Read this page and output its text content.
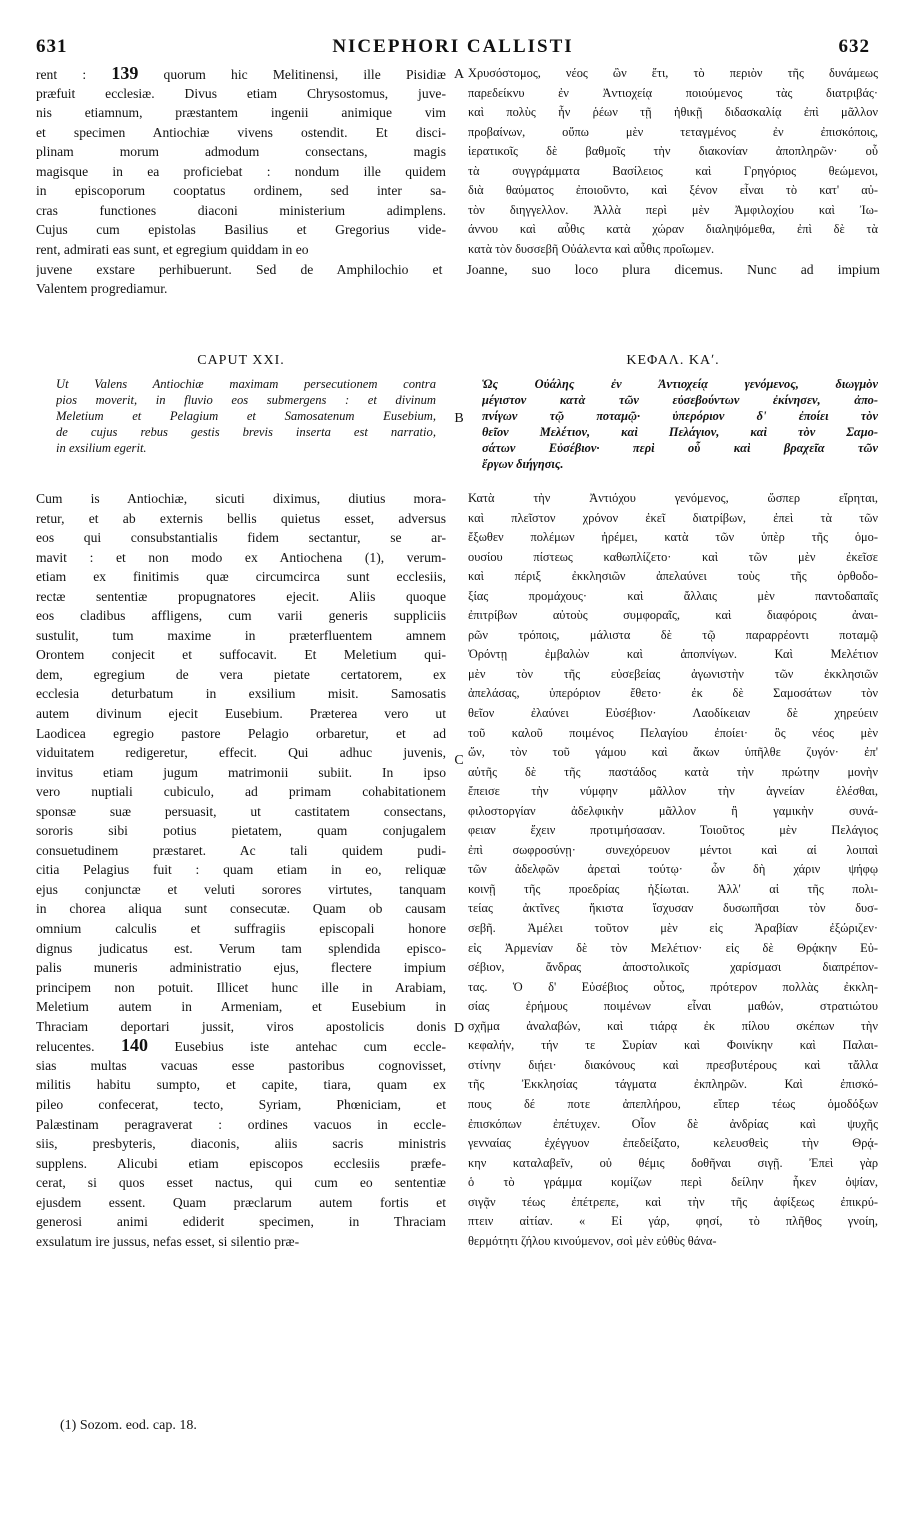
631	NICEPHORI CALLISTI	632
rent : 139 quorum hic Melitinensi, ille Pisidiæ
præfuit ecclesiæ. Divus etiam Chrysostomus, juve-
nis etiamnum, præstantem ingenii animique vim
et specimen Antiochiæ vivens ostendit. Et disci-
plinam morum admodum consectans, magis
magisque in ea proficiebat : nondum ille quidem
in episcoporum cooptatus ordinem, sed inter sa-
cras functiones diaconi ministerium adimplens.
Cujus cum epistolas Basilius et Gregorius vide-
rent, admirati eas sunt, et egregium quiddam in eo
Χρυσόστομος, νέος ὢν ἔτι, τὸ περιὸν τῆς δυνάμεως
παρεδείκνυ ἐν Ἀντιοχείᾳ ποιούμενος τὰς διατριβάς·
καὶ πολὺς ἦν ῥέων τῇ ἠθικῇ διδασκαλίᾳ ἐπὶ μᾶλλον
προβαίνων, οὔπω μὲν τεταγμένος ἐν ἐπισκόποις,
ἱερατικοῖς δὲ βαθμοῖς τὴν διακονίαν ἀποπληρῶν· οὗ
τὰ συγγράμματα Βασίλειος καὶ Γρηγόριος θεώμενοι,
διὰ θαύματος ἐποιοῦντο, καὶ ξένον εἶναι τὸ κατ' αὐ-
τὸν διηγγελλον. Ἀλλὰ περὶ μὲν Ἀμφιλοχίου καὶ Ἰω-
άννου καὶ αὖθις κατὰ χώραν διαληψόμεθα, ἐπὶ δὲ τὰ
κατὰ τὸν δυσσεβῆ Οὐάλεντα καὶ αὖθις προΐωμεν.
juvene exstare perhibuerunt. Sed de Amphilochio et Joanne, suo loco plura dicemus. Nunc ad impium
Valentem progrediamur.
CAPUT XXI.	ΚΕΦΑΛ. ΚΑʹ.
Ut Valens Antiochiæ maximam persecutionem contra
pios moverit, in fluvio eos submergens : et divinum
Meletium et Pelagium et Samosatenum Eusebium,
de cujus rebus gestis brevis inserta est narratio,
in exsilium egerit.
Ὡς Οὐάλης ἐν Ἀντιοχείᾳ γενόμενος, διωγμὸν
μέγιστον κατὰ τῶν εὐσεβούντων ἐκίνησεν, ἀπο-
πνίγων τῷ ποταμῷ· ὑπερόριον δ' ἐποίει τὸν
θεῖον Μελέτιον, καὶ Πελάγιον, καὶ τὸν Σαμο-
σάτων Εὐσέβιον· περὶ οὗ καὶ βραχεῖα τῶν
ἔργων διήγησις.
Cum is Antiochiæ, sicuti diximus, diutius mora-
retur, et ab externis bellis quietus esset, adversus
eos qui consubstantialis fidem sectantur, se ar-
mavit : et non modo ex Antiochena (1), verum-
etiam ex finitimis quæ circumcirca sunt ecclesiis,
rectæ sententiæ propugnatores ejecit. Aliis quoque
eos cladibus affligens, cum varii generis suppliciis
sustulit, tum maxime in præterfluentem amnem
Orontem conjecit et suffocavit. Et Meletium qui-
dem, egregium de vera pietate certatorem, ex
ecclesia deturbatum in exsilium misit. Samosatis
autem divinum ejecit Eusebium. Præterea vero ut
Laodicea egregio pastore Pelagio orbaretur, et ad
viduitatem redigeretur, effecit. Qui adhuc juvenis,
invitus etiam jugum matrimonii subiit. In ipso
vero nuptiali cubiculo, ad primam cohabitationem
sponsæ suæ persuasit, ut castitatem consectans,
sororis sibi potius pietatem, quam conjugalem
consuetudinem præstaret. Ac tali quidem pudi-
citia Pelagius fuit : quam etiam in eo, reliquæ
ejus conjunctæ et veluti sorores virtutes, tanquam
in chorea aliqua sunt consecutæ. Quam ob causam
omnium calculis et suffragiis episcopali honore
dignus judicatus est. Verum tam splendida episco-
palis muneris administratio ejus, flectere impium
principem non potuit. Illicet hunc ille in Arabiam,
Meletium autem in Armeniam, et Eusebium in
Thraciam deportari jussit, viros apostolicis donis
relucentes. 140 Eusebius iste antehac cum eccle-
sias multas vacuas esse pastoribus cognovisset,
militis habitu sumpto, et capite, tiara, quam ex
pileo confecerat, tecto, Syriam, Phœniciam, et
Palæstinam peragraverat : ordines vacuos in eccle-
siis, presbyteris, diaconis, aliis sacris ministris
supplens. Alicubi etiam episcopos ecclesiis præfe-
cerat, si quos esset nactus, qui cum eo sententiæ
ejusdem essent. Quam præclarum autem fortis et
generosi animi ediderit specimen, in Thraciam
exsulatum ire jussus, nefas esset, si silentio præ-
Κατὰ τὴν Ἀντιόχου γενόμενος, ὥσπερ εἴρηται,
καὶ πλεῖστον χρόνον ἐκεῖ διατρίβων, ἐπεὶ τὰ τῶν
ἔξωθεν πολέμων ἠρέμει, κατὰ τῶν ὑπὲρ τῆς ὁμο-
ουσίου πίστεως καθωπλίζετο· καὶ τῶν μὲν ἐκεῖσε
καὶ πέριξ ἐκκλησιῶν ἀπελαύνει τοὺς τῆς ὀρθοδο-
ξίας προμάχους· καὶ ἄλλαις μὲν παντοδαπαῖς
ἐπιτρίβων αὐτοὺς συμφοραῖς, καὶ διαφόροις ἀναι-
ρῶν τρόποις, μάλιστα δὲ τῷ παραρρέοντι ποταμῷ
Ὀρόντῃ ἐμβαλὼν καὶ ἀποπνίγων. Καὶ Μελέτιον
μὲν τὸν τῆς εὐσεβείας ἀγωνιστὴν τῶν ἐκκλησιῶν
ἀπελάσας, ὑπερόριον ἔθετο· ἐκ δὲ Σαμοσάτων τὸν
θεῖον ἐλαύνει Εὐσέβιον· Λαοδίκειαν δὲ χηρεύειν
τοῦ καλοῦ ποιμένος Πελαγίου ἐποίει· ὃς νέος μὲν
ὤν, τὸν τοῦ γάμου καὶ ἄκων ὑπῆλθε ζυγόν· ἐπ'
αὐτῆς δὲ τῆς παστάδος κατὰ τὴν πρώτην μονὴν
ἔπεισε τὴν νύμφην μᾶλλον τὴν ἁγνείαν ἑλέσθαι,
φιλοστοργίαν ἀδελφικὴν μᾶλλον ἢ γαμικὴν συνά-
φειαν ἔχειν προτιμήσασαν. Τοιοῦτος μὲν Πελάγιος
ἐπὶ σωφροσύνῃ· συνεχόρευον μέντοι καὶ αἱ λοιπαὶ
τῶν ἀδελφῶν ἀρεταὶ τούτῳ· ὧν δὴ χάριν ψήφῳ
κοινῇ τῆς προεδρίας ἠξίωται. Ἀλλ' αἱ τῆς πολι-
τείας ἀκτῖνες ἥκιστα ἴσχυσαν δυσωπῆσαι τὸν δυσ-
σεβῆ. Ἀμέλει τοῦτον μὲν εἰς Ἀραβίαν ἐξώριζεν·
εἰς Ἀρμενίαν δὲ τὸν Μελέτιον· εἰς δὲ Θρᾴκην Εὐ-
σέβιον, ἄνδρας ἀποστολικοῖς χαρίσμασι διαπρέπον-
τας. Ὁ δ' Εὐσέβιος οὗτος, πρότερον πολλὰς ἐκκλη-
σίας ἐρήμους ποιμένων εἶναι μαθών, στρατιώτου
σχῆμα ἀναλαβών, καὶ τιάρᾳ ἐκ πίλου σκέπων τὴν
κεφαλήν, τήν τε Συρίαν καὶ Φοινίκην καὶ Παλαι-
στίνην διῄει· διακόνους καὶ πρεσβυτέρους καὶ τἄλλα
τῆς Ἐκκλησίας τάγματα ἐκπληρῶν. Καὶ ἐπισκό-
πους δέ ποτε ἀπεπλήρου, εἴπερ τέως ὁμοδόξων
ἐπισκόπων ἐπέτυχεν. Οἷον δὲ ἀνδρίας καὶ ψυχῆς
γενναίας ἐχέγγυον ἐπεδείξατο, κελευσθεὶς τὴν Θρᾴ-
κην καταλαβεῖν, οὐ θέμις δοθῆναι σιγῇ. Ἐπεὶ γὰρ
ὁ τὸ γράμμα κομίζων περὶ δείλην ἧκεν ὀψίαν,
σιγᾷν τέως ἐπέτρεπε, καὶ τὴν τῆς ἀφίξεως ἐπικρύ-
πτειν αἰτίαν. « Εἰ γάρ, φησί, τὸ πλῆθος γνοίη,
θερμότητι ζήλου κινούμενον, σοὶ μὲν εὐθὺς θάνα-
A
B
C
D
(1) Sozom. eod. cap. 18.
